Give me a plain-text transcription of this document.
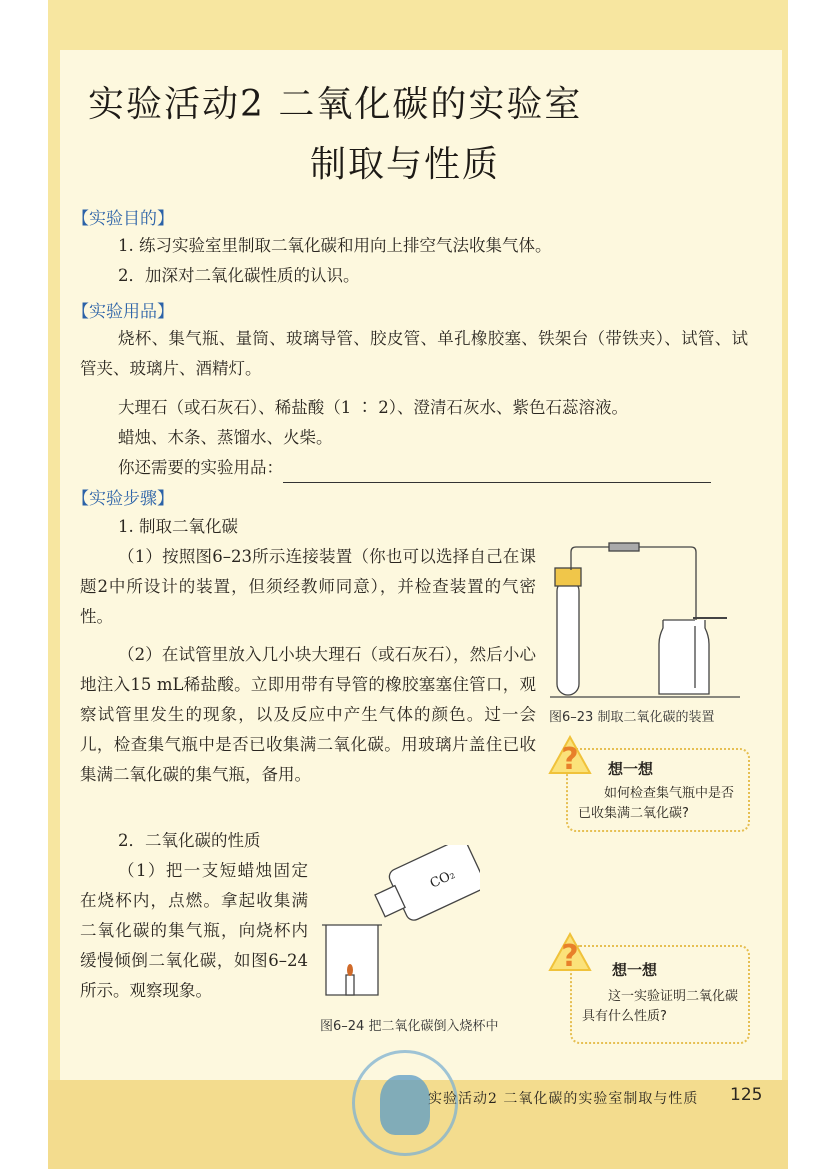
实验活动2 二氧化碳的实验室
制取与性质
【实验目的】
1. 练习实验室里制取二氧化碳和用向上排空气法收集气体。
2．加深对二氧化碳性质的认识。
【实验用品】
烧杯、集气瓶、量筒、玻璃导管、胶皮管、单孔橡胶塞、铁架台（带铁夹）、试管、试管夹、玻璃片、酒精灯。
大理石（或石灰石）、稀盐酸（1 ∶ 2）、澄清石灰水、紫色石蕊溶液。
蜡烛、木条、蒸馏水、火柴。
你还需要的实验用品：
【实验步骤】
1. 制取二氧化碳
（1）按照图6–23所示连接装置（你也可以选择自己在课题2中所设计的装置，但须经教师同意），并检查装置的气密性。
（2）在试管里放入几小块大理石（或石灰石），然后小心地注入15 mL稀盐酸。立即用带有导管的橡胶塞塞住管口，观察试管里发生的现象，以及反应中产生气体的颜色。过一会儿，检查集气瓶中是否已收集满二氧化碳。用玻璃片盖住已收集满二氧化碳的集气瓶，备用。
2．二氧化碳的性质
（1）把一支短蜡烛固定在烧杯内，点燃。拿起收集满二氧化碳的集气瓶，向烧杯内缓慢倾倒二氧化碳，如图6–24所示。观察现象。
图6–23 制取二氧化碳的装置
想一想
如何检查集气瓶中是否已收集满二氧化碳?
?
CO₂
图6–24 把二氧化碳倒入烧杯中
想一想
这一实验证明二氧化碳具有什么性质?
?
实验活动2 二氧化碳的实验室制取与性质 125
